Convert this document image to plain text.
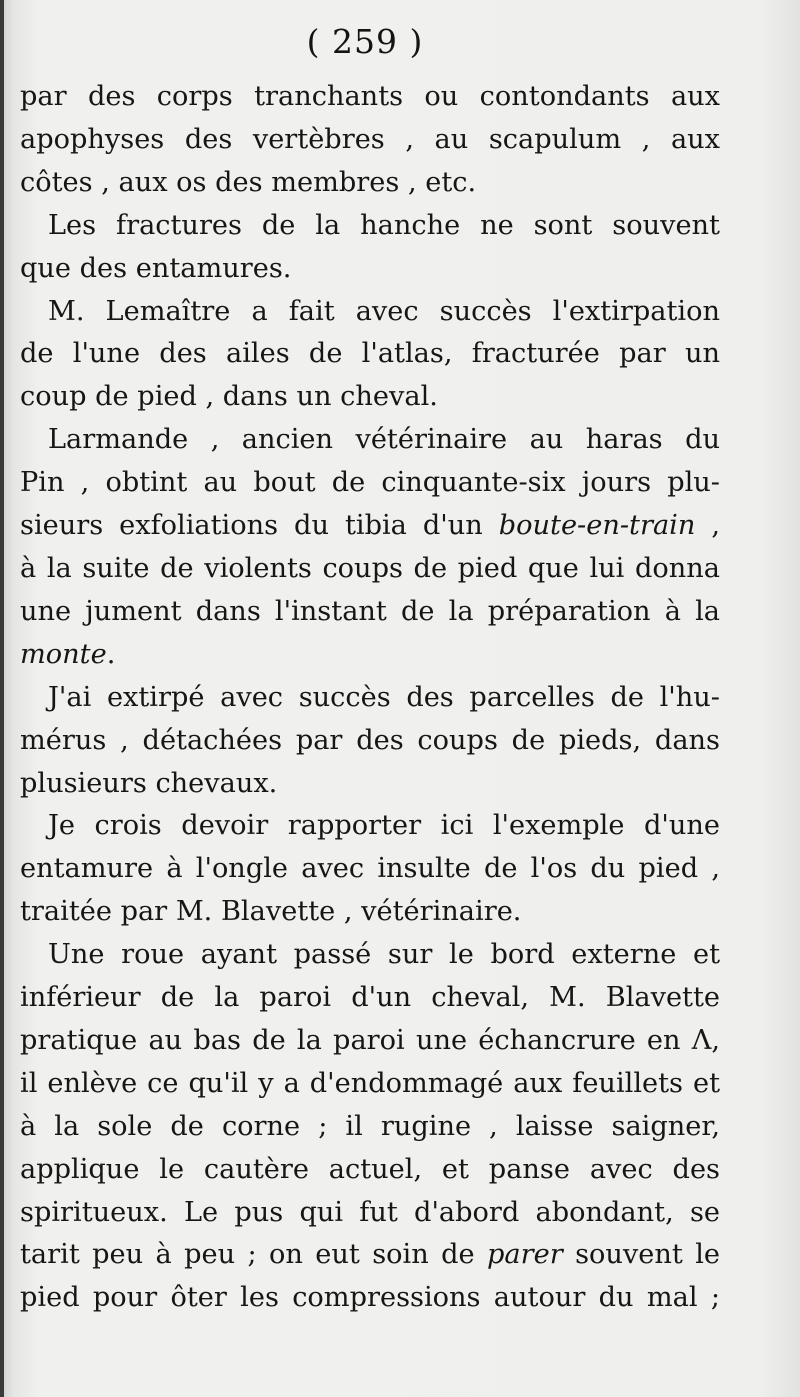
( 259 )
par des corps tranchants ou contondants aux
apophyses des vertèbres , au scapulum , aux
côtes , aux os des membres , etc.
Les fractures de la hanche ne sont souvent
que des entamures.
M. Lemaître a fait avec succès l'extirpation
de l'une des ailes de l'atlas, fracturée par un
coup de pied , dans un cheval.
Larmande , ancien vétérinaire au haras du
Pin , obtint au bout de cinquante-six jours plu-
sieurs exfoliations du tibia d'un boute-en-train ,
à la suite de violents coups de pied que lui donna
une jument dans l'instant de la préparation à la
monte.
J'ai extirpé avec succès des parcelles de l'hu-
mérus , détachées par des coups de pieds, dans
plusieurs chevaux.
Je crois devoir rapporter ici l'exemple d'une
entamure à l'ongle avec insulte de l'os du pied ,
traitée par M. Blavette , vétérinaire.
Une roue ayant passé sur le bord externe et
inférieur de la paroi d'un cheval, M. Blavette
pratique au bas de la paroi une échancrure en Λ,
il enlève ce qu'il y a d'endommagé aux feuillets et
à la sole de corne ; il rugine , laisse saigner,
applique le cautère actuel, et panse avec des
spiritueux. Le pus qui fut d'abord abondant, se
tarit peu à peu ; on eut soin de parer souvent le
pied pour ôter les compressions autour du mal ;
